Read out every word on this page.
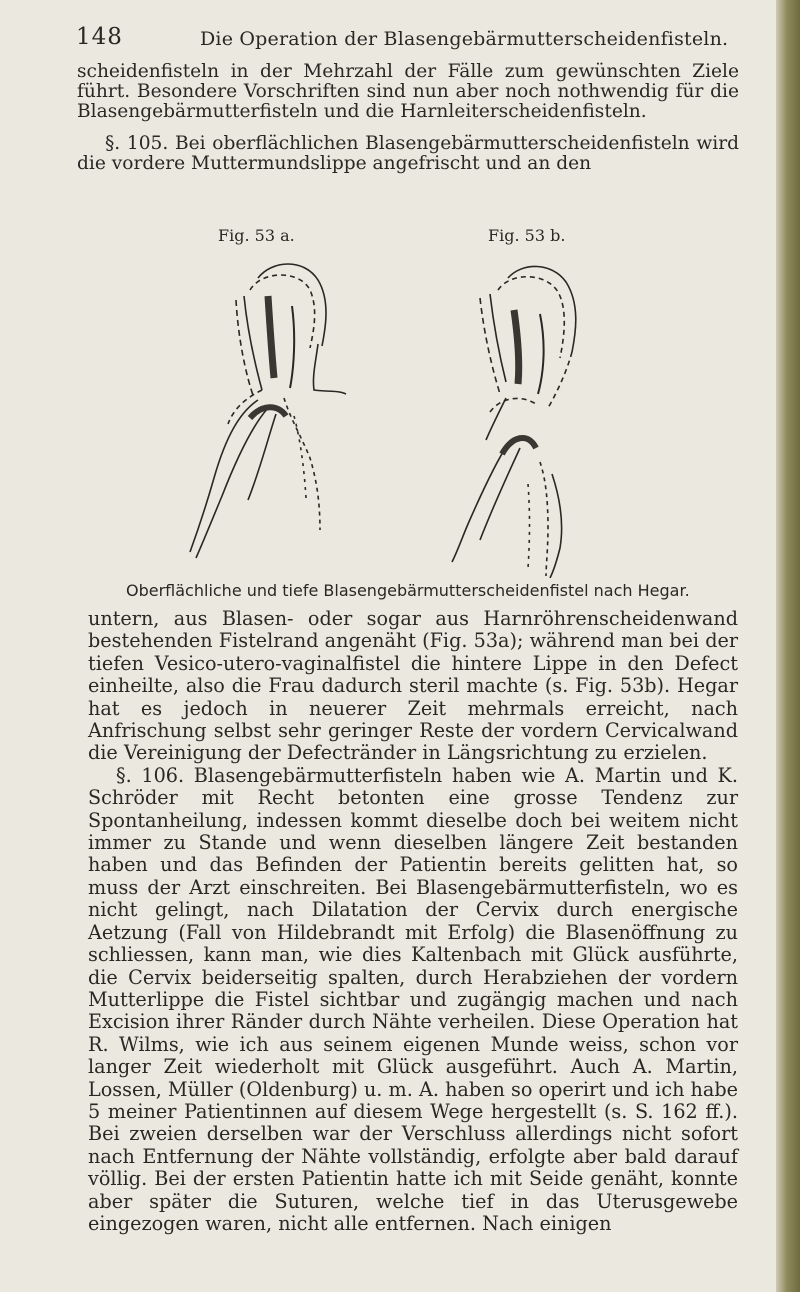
148	Die Operation der Blasengebärmutterscheidenfisteln.

scheidenfisteln in der Mehrzahl der Fälle zum gewünschten Ziele führt. Besondere Vorschriften sind nun aber noch nothwendig für die Blasengebärmutterfisteln und die Harnleiterscheidenfisteln.

§. 105. Bei oberflächlichen Blasengebärmutterscheidenfisteln wird die vordere Muttermundslippe angefrischt und an den

Fig. 53 a.	Fig. 53 b.
Oberflächliche und tiefe Blasengebärmutterscheidenfistel nach Hegar.

untern, aus Blasen- oder sogar aus Harnröhrenscheidenwand bestehenden Fistelrand angenäht (Fig. 53a); während man bei der tiefen Vesico-utero-vaginalfistel die hintere Lippe in den Defect einheilte, also die Frau dadurch steril machte (s. Fig. 53b). Hegar hat es jedoch in neuerer Zeit mehrmals erreicht, nach Anfrischung selbst sehr geringer Reste der vordern Cervicalwand die Vereinigung der Defectränder in Längsrichtung zu erzielen.

§. 106. Blasengebärmutterfisteln haben wie A. Martin und K. Schröder mit Recht betonten eine grosse Tendenz zur Spontanheilung, indessen kommt dieselbe doch bei weitem nicht immer zu Stande und wenn dieselben längere Zeit bestanden haben und das Befinden der Patientin bereits gelitten hat, so muss der Arzt einschreiten. Bei Blasengebärmutterfisteln, wo es nicht gelingt, nach Dilatation der Cervix durch energische Aetzung (Fall von Hildebrandt mit Erfolg) die Blasenöffnung zu schliessen, kann man, wie dies Kaltenbach mit Glück ausführte, die Cervix beiderseitig spalten, durch Herabziehen der vordern Mutterlippe die Fistel sichtbar und zugängig machen und nach Excision ihrer Ränder durch Nähte verheilen. Diese Operation hat R. Wilms, wie ich aus seinem eigenen Munde weiss, schon vor langer Zeit wiederholt mit Glück ausgeführt. Auch A. Martin, Lossen, Müller (Oldenburg) u. m. A. haben so operirt und ich habe 5 meiner Patientinnen auf diesem Wege hergestellt (s. S. 162 ff.). Bei zweien derselben war der Verschluss allerdings nicht sofort nach Entfernung der Nähte vollständig, erfolgte aber bald darauf völlig. Bei der ersten Patientin hatte ich mit Seide genäht, konnte aber später die Suturen, welche tief in das Uterusgewebe eingezogen waren, nicht alle entfernen. Nach einigen
